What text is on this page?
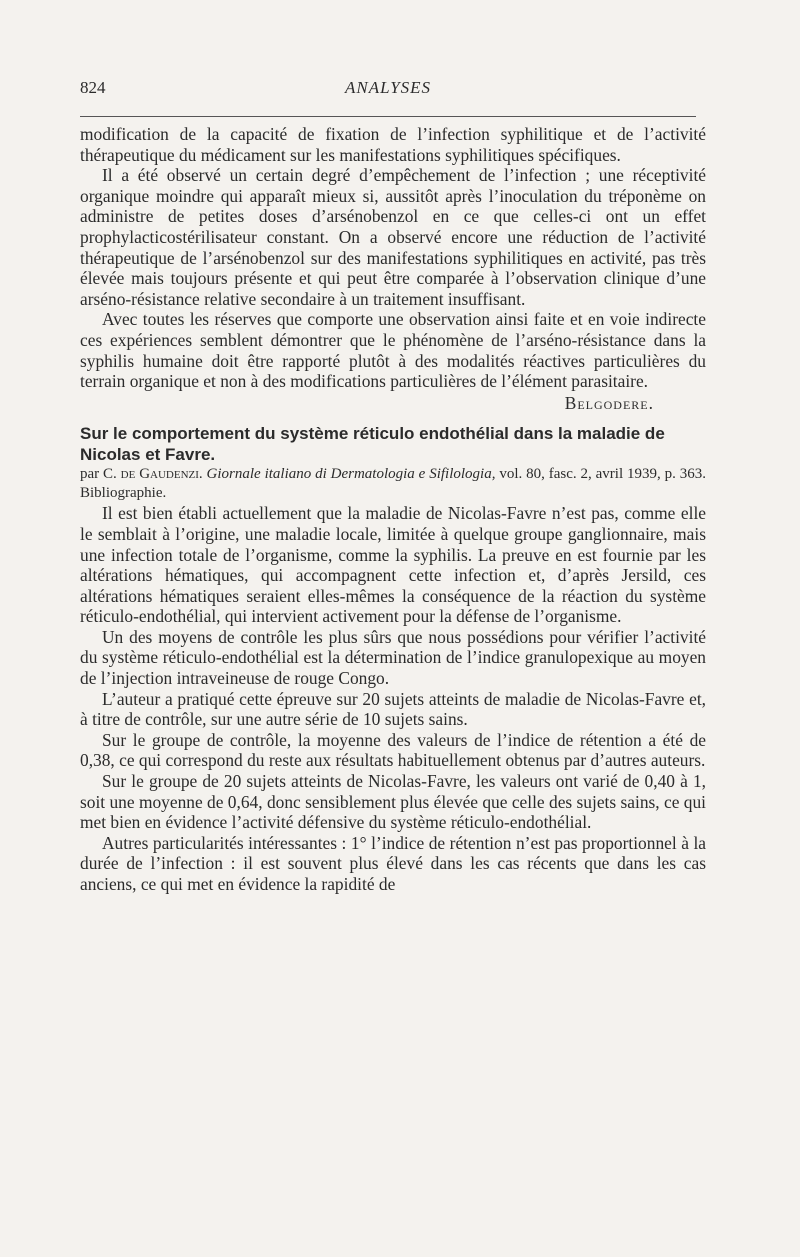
824	ANALYSES

modification de la capacité de fixation de l’infection syphilitique et de l’activité thérapeutique du médicament sur les manifestations syphilitiques spécifiques.

Il a été observé un certain degré d’empêchement de l’infection ; une réceptivité organique moindre qui apparaît mieux si, aussitôt après l’inoculation du tréponème on administre de petites doses d’arsénobenzol en ce que celles-ci ont un effet prophylacticostérilisateur constant. On a observé encore une réduction de l’activité thérapeutique de l’arsénobenzol sur des manifestations syphilitiques en activité, pas très élevée mais toujours présente et qui peut être comparée à l’observation clinique d’une arséno-résistance relative secondaire à un traitement insuffisant.

Avec toutes les réserves que comporte une observation ainsi faite et en voie indirecte ces expériences semblent démontrer que le phénomène de l’arséno-résistance dans la syphilis humaine doit être rapporté plutôt à des modalités réactives particulières du terrain organique et non à des modifications particulières de l’élément parasitaire.

Belgodere.
Sur le comportement du système réticulo endothélial dans la maladie de Nicolas et Favre.
par C. de Gaudenzi. Giornale italiano di Dermatologia e Sifilologia, vol. 80, fasc. 2, avril 1939, p. 363. Bibliographie.

Il est bien établi actuellement que la maladie de Nicolas-Favre n’est pas, comme elle le semblait à l’origine, une maladie locale, limitée à quelque groupe ganglionnaire, mais une infection totale de l’organisme, comme la syphilis. La preuve en est fournie par les altérations hématiques, qui accompagnent cette infection et, d’après Jersild, ces altérations hématiques seraient elles-mêmes la conséquence de la réaction du système réticulo-endothélial, qui intervient activement pour la défense de l’organisme.

Un des moyens de contrôle les plus sûrs que nous possédions pour vérifier l’activité du système réticulo-endothélial est la détermination de l’indice granulopexique au moyen de l’injection intraveineuse de rouge Congo.

L’auteur a pratiqué cette épreuve sur 20 sujets atteints de maladie de Nicolas-Favre et, à titre de contrôle, sur une autre série de 10 sujets sains.

Sur le groupe de contrôle, la moyenne des valeurs de l’indice de rétention a été de 0,38, ce qui correspond du reste aux résultats habituellement obtenus par d’autres auteurs.

Sur le groupe de 20 sujets atteints de Nicolas-Favre, les valeurs ont varié de 0,40 à 1, soit une moyenne de 0,64, donc sensiblement plus élevée que celle des sujets sains, ce qui met bien en évidence l’activité défensive du système réticulo-endothélial.

Autres particularités intéressantes : 1° l’indice de rétention n’est pas proportionnel à la durée de l’infection : il est souvent plus élevé dans les cas récents que dans les cas anciens, ce qui met en évidence la rapidité de
